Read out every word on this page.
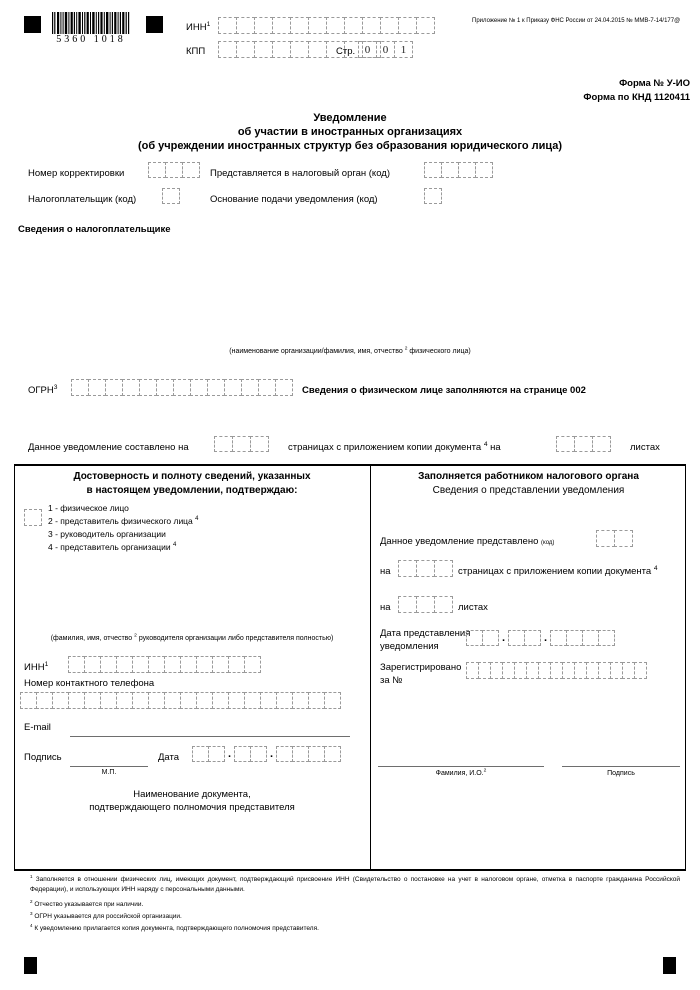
5360 1018
Приложение № 1 к Приказу ФНС России от 24.04.2015 № ММВ-7-14/177@
ИНН$^1$
КПП	Стр. 0	0	1
Форма № У-ИО
Форма по КНД 1120411
Уведомление
об участии в иностранных организациях
(об учреждении иностранных структур без образования юридического лица)
Номер корректировки	Представляется в налоговый орган (код)
Налогоплательщик (код)	Основание подачи уведомления (код)
Сведения о налогоплательщике
(наименование организации/фамилия, имя, отчество $^2$ физического лица)
ОГРН$^3$	Сведения о физическом лице заполняются на странице 002
Данное уведомление составлено на	страницах с приложением копии документа $^4$ на	листах
Достоверность и полноту сведений, указанных
в настоящем уведомлении, подтверждаю:
1 - физическое лицо
2 - представитель физического лица $^4$
3 - руководитель организации
4 - представитель организации $^4$
(фамилия, имя, отчество $^2$ руководителя организации либо представителя полностью)
ИНН$^1$
Номер контактного телефона
E-mail
Подпись
М.П.
Дата	·	·
Наименование документа,
подтверждающего полномочия представителя
Заполняется работником налогового органа
Сведения о представлении уведомления
Данное уведомление представлено (код)
на	страницах с приложением копии документа $^4$
на	листах
Дата представления
уведомления	·	·
Зарегистрировано
за №
Фамилия, И.О.$^2$	Подпись
$^1$ Заполняется в отношении физических лиц, имеющих документ, подтверждающий присвоение ИНН (Свидетельство о постановке на учет в налоговом органе, отметка в паспорте гражданина Российской Федерации), и использующих ИНН наряду с персональными данными.
$^2$ Отчество указывается при наличии.
$^3$ ОГРН указывается для российской организации.
$^4$ К уведомлению прилагается копия документа, подтверждающего полномочия представителя.
